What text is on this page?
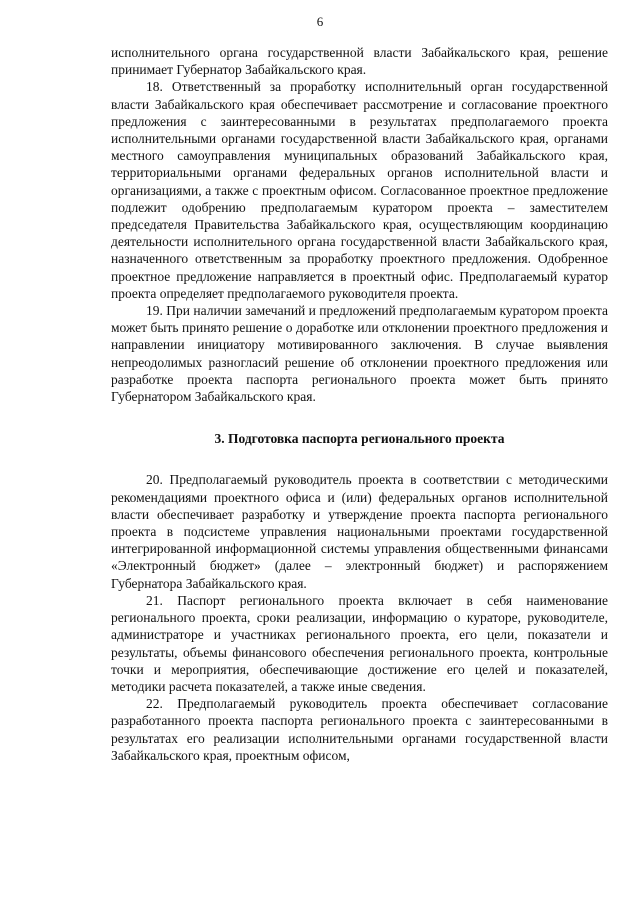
6

исполнительного органа государственной власти Забайкальского края, решение принимает Губернатор Забайкальского края.

18. Ответственный за проработку исполнительный орган государственной власти Забайкальского края обеспечивает рассмотрение и согласование проектного предложения с заинтересованными в результатах предполагаемого проекта исполнительными органами государственной власти Забайкальского края, органами местного самоуправления муниципальных образований Забайкальского края, территориальными органами федеральных органов исполнительной власти и организациями, а также с проектным офисом. Согласованное проектное предложение подлежит одобрению предполагаемым куратором проекта – заместителем председателя Правительства Забайкальского края, осуществляющим координацию деятельности исполнительного органа государственной власти Забайкальского края, назначенного ответственным за проработку проектного предложения. Одобренное проектное предложение направляется в проектный офис. Предполагаемый куратор проекта определяет предполагаемого руководителя проекта.

19. При наличии замечаний и предложений предполагаемым куратором проекта может быть принято решение о доработке или отклонении проектного предложения и направлении инициатору мотивированного заключения. В случае выявления непреодолимых разногласий решение об отклонении проектного предложения или разработке проекта паспорта регионального проекта может быть принято Губернатором Забайкальского края.

3. Подготовка паспорта регионального проекта

20. Предполагаемый руководитель проекта в соответствии с методическими рекомендациями проектного офиса и (или) федеральных органов исполнительной власти обеспечивает разработку и утверждение проекта паспорта регионального проекта в подсистеме управления национальными проектами государственной интегрированной информационной системы управления общественными финансами «Электронный бюджет» (далее – электронный бюджет) и распоряжением Губернатора Забайкальского края.

21. Паспорт регионального проекта включает в себя наименование регионального проекта, сроки реализации, информацию о кураторе, руководителе, администраторе и участниках регионального проекта, его цели, показатели и результаты, объемы финансового обеспечения регионального проекта, контрольные точки и мероприятия, обеспечивающие достижение его целей и показателей, методики расчета показателей, а также иные сведения.

22. Предполагаемый руководитель проекта обеспечивает согласование разработанного проекта паспорта регионального проекта с заинтересованными в результатах его реализации исполнительными органами государственной власти Забайкальского края, проектным офисом,
